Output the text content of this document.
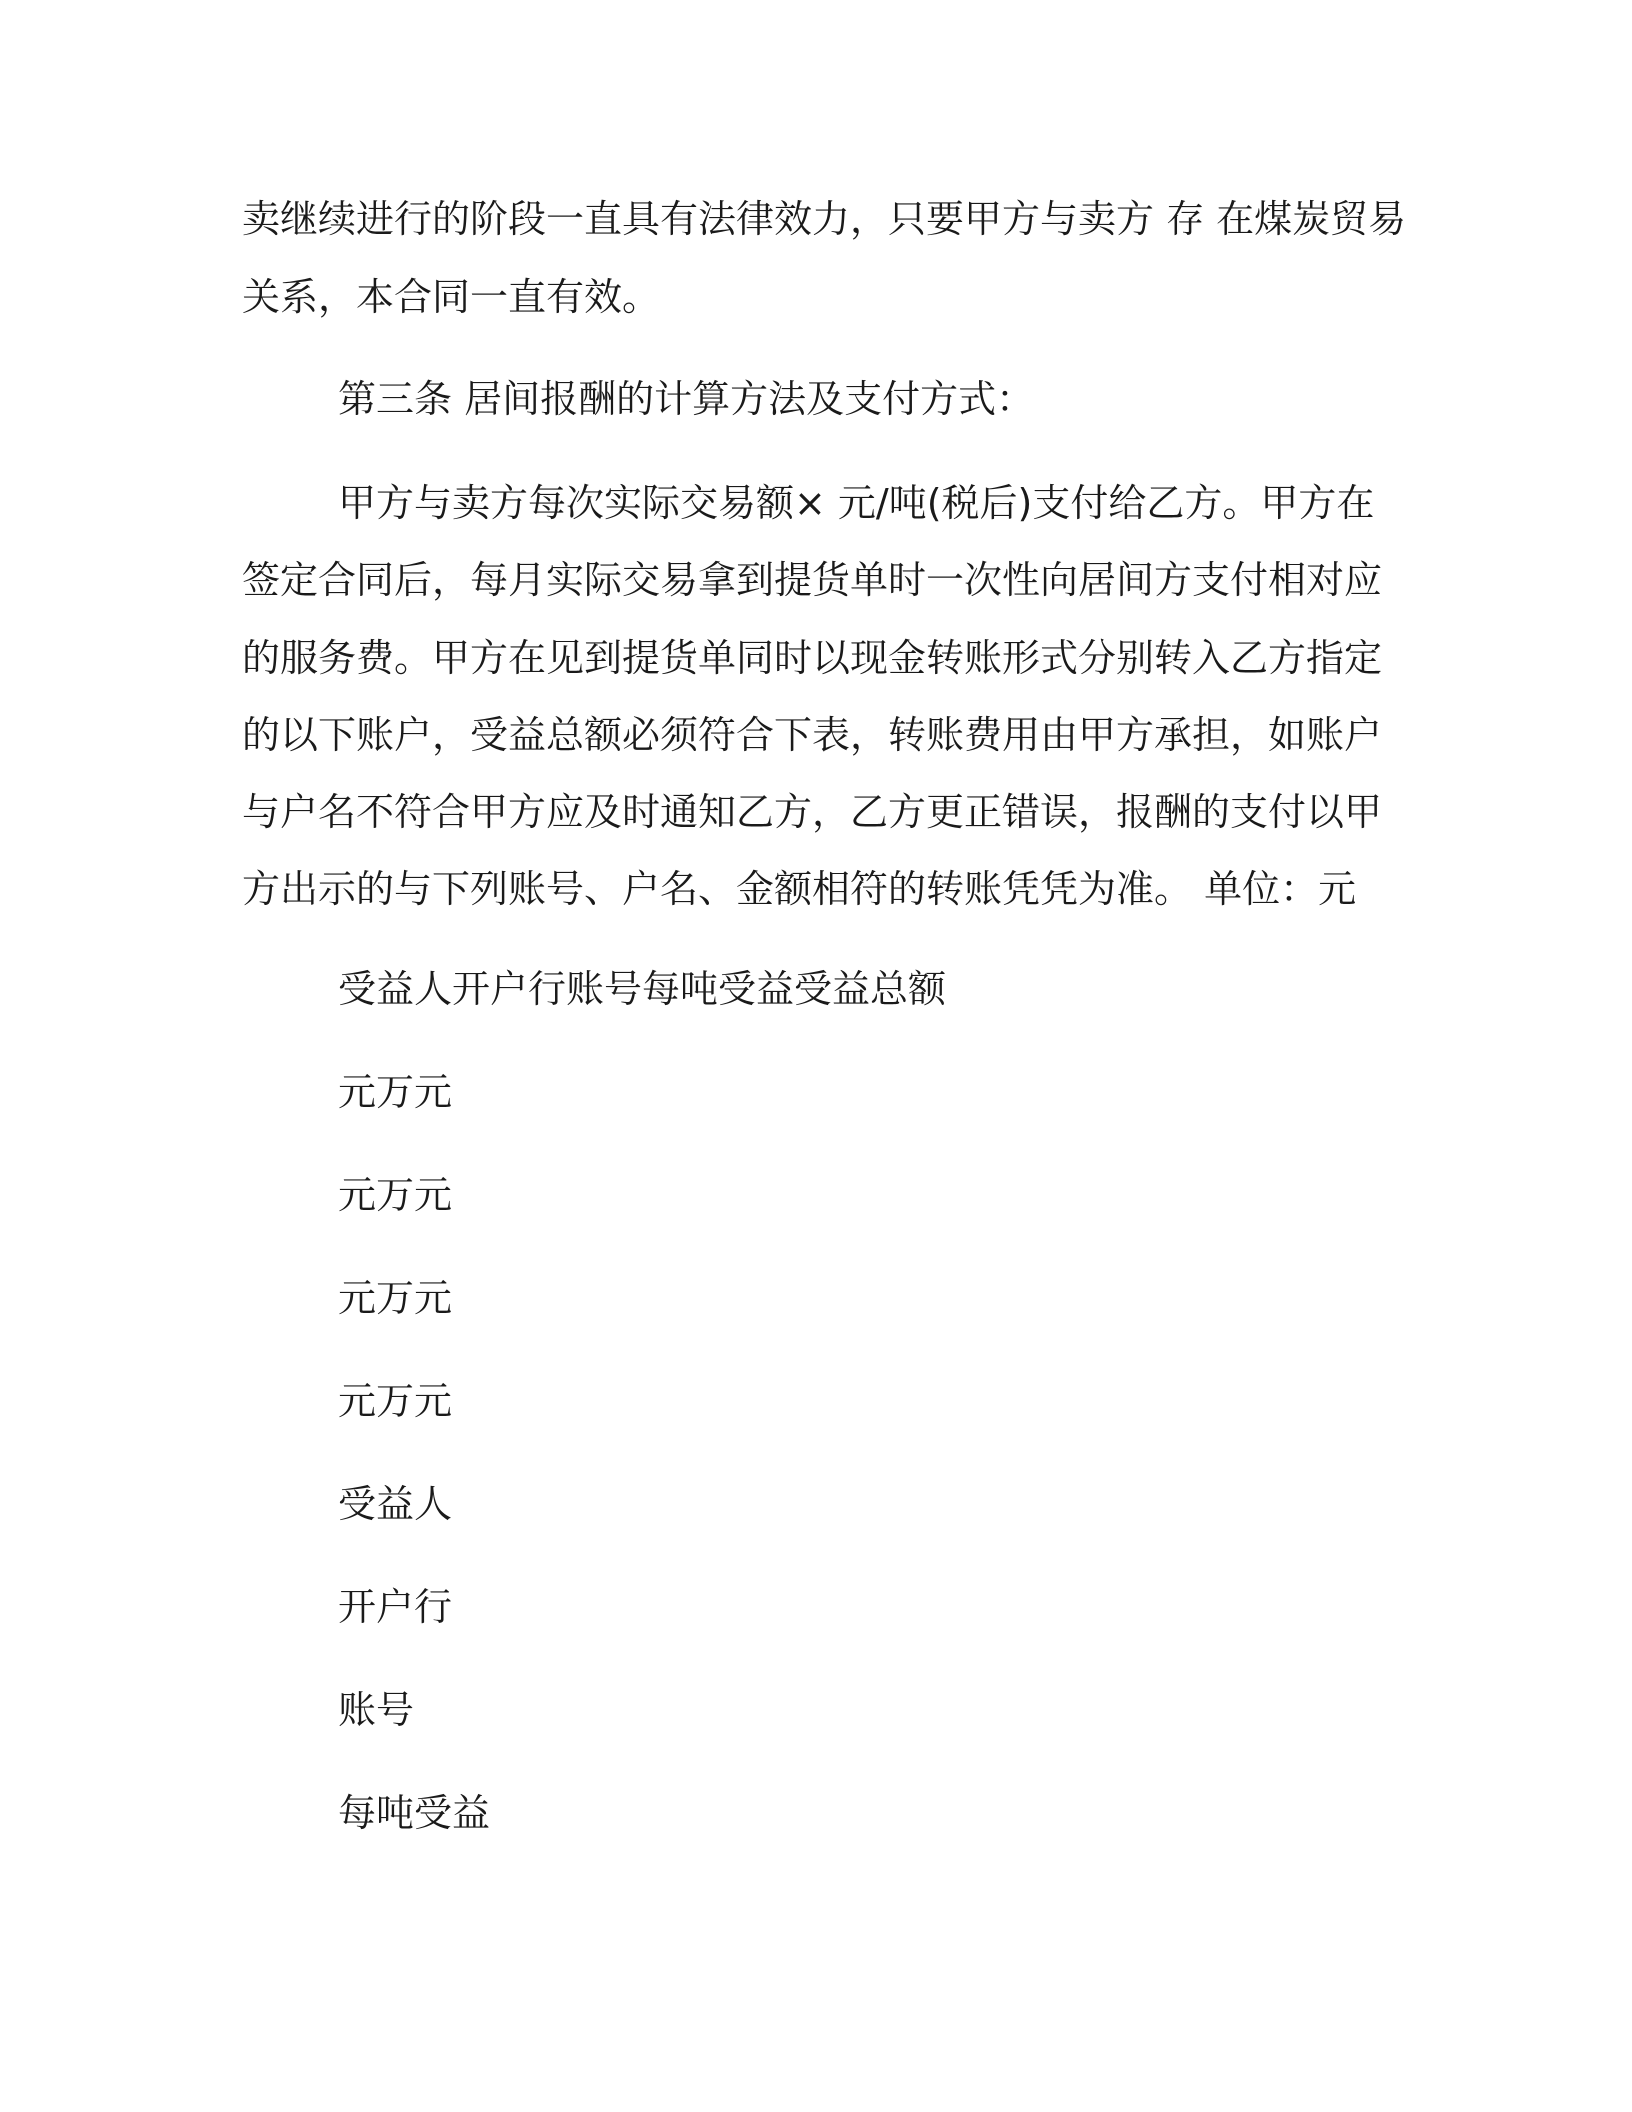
卖继续进行的阶段一直具有法律效力，只要甲方与卖方 存 在煤炭贸易

关系，本合同一直有效。

第三条 居间报酬的计算方法及支付方式：

甲方与卖方每次实际交易额× 元/吨(税后)支付给乙方。甲方在

签定合同后，每月实际交易拿到提货单时一次性向居间方支付相对应

的服务费。甲方在见到提货单同时以现金转账形式分别转入乙方指定

的以下账户，受益总额必须符合下表，转账费用由甲方承担，如账户

与户名不符合甲方应及时通知乙方，乙方更正错误，报酬的支付以甲

方出示的与下列账号、户名、金额相符的转账凭凭为准。 单位：元

受益人开户行账号每吨受益受益总额

元万元

元万元

元万元

元万元

受益人

开户行

账号

每吨受益
